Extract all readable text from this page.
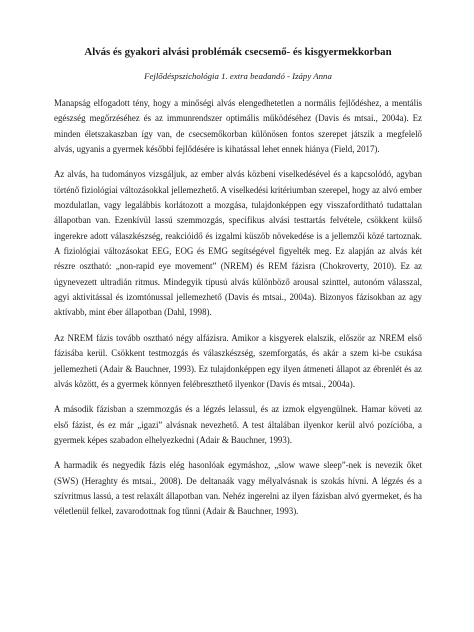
Alvás és gyakori alvási problémák csecsemő- és kisgyermekkorban
Fejlődéspszichológia 1. extra beadandó - Izápy Anna

Manapság elfogadott tény, hogy a minőségi alvás elengedhetetlen a normális fejlődéshez, a mentális egészség megőrzéséhez és az immunrendszer optimális működéséhez (Davis és mtsai., 2004a). Ez minden életszakaszban így van, de csecsemőkorban különösen fontos szerepet játszik a megfelelő alvás, ugyanis a gyermek későbbi fejlődésére is kihatással lehet ennek hiánya (Field, 2017).

Az alvás, ha tudományos vizsgáljuk, az ember alvás közbeni viselkedésével és a kapcsolódó, agyban történő fiziológiai változásokkal jellemezhető. A viselkedési kritériumban szerepel, hogy az alvó ember mozdulatlan, vagy legalábbis korlátozott a mozgása, tulajdonképpen egy visszafordítható tudattalan állapotban van. Ezenkívül lassú szemmozgás, specifikus alvási testtartás felvétele, csökkent külső ingerekre adott válaszkészség, reakcióidő és izgalmi küszöb növekedése is a jellemzői közé tartoznak. A fiziológiai változásokat EEG, EOG és EMG segítségével figyelték meg. Ez alapján az alvás két részre osztható: „non-rapid eye movement” (NREM) és REM fázisra (Chokroverty, 2010). Ez az úgynevezett ultradián ritmus. Mindegyik típusú alvás különböző arousal szinttel, autonóm válasszal, agyi aktivitással és izomtónussal jellemezhető (Davis és mtsai., 2004a). Bizonyos fázisokban az agy aktívabb, mint éber állapotban (Dahl, 1998).

Az NREM fázis tovább osztható négy alfázisra. Amikor a kisgyerek elalszik, először az NREM első fázisába kerül. Csökkent testmozgás és válaszkészség, szemforgatás, és akár a szem ki-be csukása jellemezheti (Adair & Bauchner, 1993). Ez tulajdonképpen egy ilyen átmeneti állapot az ébrenlét és az alvás között, és a gyermek könnyen felébreszthető ilyenkor (Davis és mtsai., 2004a).

A második fázisban a szemmozgás és a légzés lelassul, és az izmok elgyengülnek. Hamar követi az első fázist, és ez már „igazi” alvásnak nevezhető. A test általában ilyenkor kerül alvó pozícióba, a gyermek képes szabadon elhelyezkedni (Adair & Bauchner, 1993).

A harmadik és negyedik fázis elég hasonlóak egymáshoz, „slow wawe sleep”-nek is nevezik őket (SWS) (Heraghty és mtsai., 2008). De deltanaák vagy mélyalvásnak is szokás hívni. A légzés és a szívritmus lassú, a test relaxált állapotban van. Nehéz ingerelni az ilyen fázisban alvó gyermeket, és ha véletlenül felkel, zavarodottnak fog tűnni (Adair & Bauchner, 1993).
